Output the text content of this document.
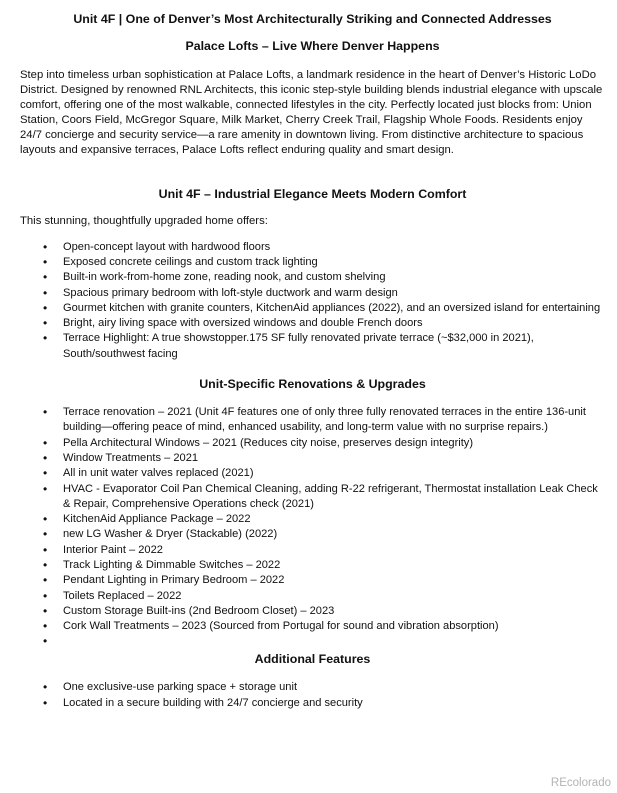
Unit 4F | One of Denver’s Most Architecturally Striking and Connected Addresses

Palace Lofts – Live Where Denver Happens

Step into timeless urban sophistication at Palace Lofts, a landmark residence in the heart of Denver’s Historic LoDo District. Designed by renowned RNL Architects, this iconic step-style building blends industrial elegance with upscale comfort, offering one of the most walkable, connected lifestyles in the city. Perfectly located just blocks from: Union Station, Coors Field, McGregor Square, Milk Market, Cherry Creek Trail, Flagship Whole Foods. Residents enjoy 24/7 concierge and security service—a rare amenity in downtown living. From distinctive architecture to spacious layouts and expansive terraces, Palace Lofts reflect enduring quality and smart design.

Unit 4F – Industrial Elegance Meets Modern Comfort

This stunning, thoughtfully upgraded home offers:

• Open-concept layout with hardwood floors
• Exposed concrete ceilings and custom track lighting
• Built-in work-from-home zone, reading nook, and custom shelving
• Spacious primary bedroom with loft-style ductwork and warm design
• Gourmet kitchen with granite counters, KitchenAid appliances (2022), and an oversized island for entertaining
• Bright, airy living space with oversized windows and double French doors
• Terrace Highlight: A true showstopper.175 SF fully renovated private terrace (~$32,000 in 2021), South/southwest facing

Unit-Specific Renovations & Upgrades

• Terrace renovation – 2021 (Unit 4F features one of only three fully renovated terraces in the entire 136-unit building—offering peace of mind, enhanced usability, and long-term value with no surprise repairs.)
• Pella Architectural Windows – 2021 (Reduces city noise, preserves design integrity)
• Window Treatments – 2021
• All in unit water valves replaced (2021)
• HVAC - Evaporator Coil Pan Chemical Cleaning, adding R-22 refrigerant, Thermostat installation Leak Check & Repair, Comprehensive Operations check (2021)
• KitchenAid Appliance Package – 2022
• new LG Washer & Dryer (Stackable) (2022)
• Interior Paint – 2022
• Track Lighting & Dimmable Switches – 2022
• Pendant Lighting in Primary Bedroom – 2022
• Toilets Replaced – 2022
• Custom Storage Built-ins (2nd Bedroom Closet) – 2023
• Cork Wall Treatments – 2023 (Sourced from Portugal for sound and vibration absorption)
•

Additional Features

• One exclusive-use parking space + storage unit
• Located in a secure building with 24/7 concierge and security
REcolorado
